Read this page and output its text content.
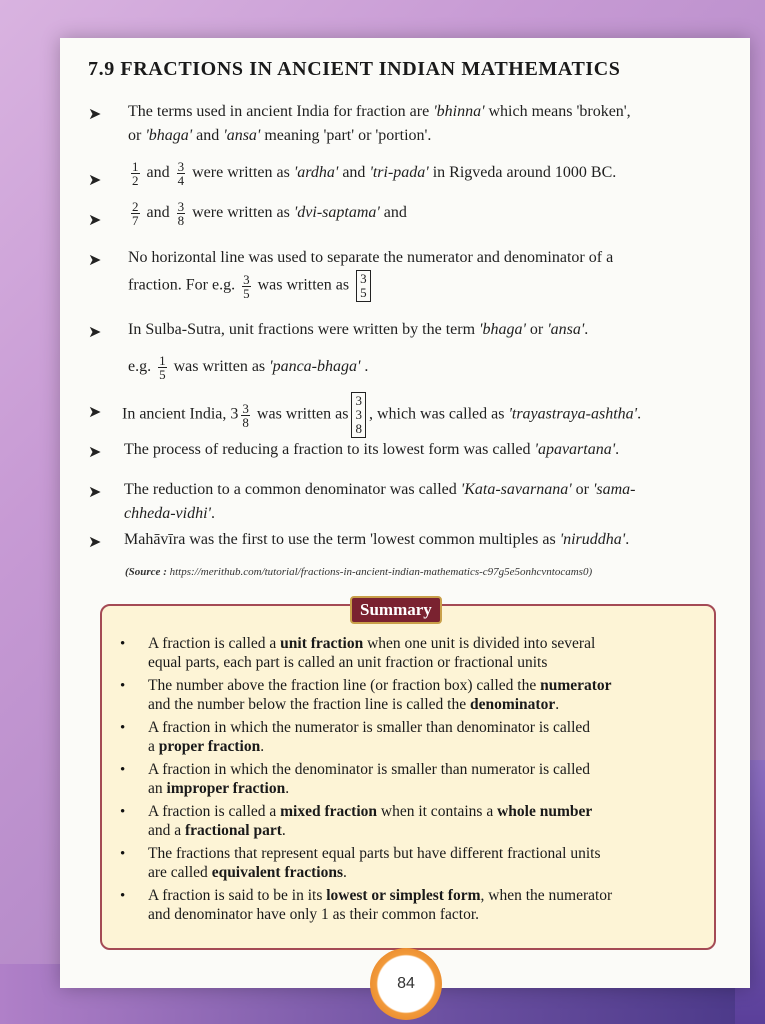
7.9 FRACTIONS IN ANCIENT INDIAN MATHEMATICS
➤ The terms used in ancient India for fraction are 'bhinna' which means 'broken',
or 'bhaga' and 'ansa' meaning 'part' or 'portion'.
➤ $\frac{1}{2}$ and $\frac{3}{4}$ were written as 'ardha' and 'tri-pada' in Rigveda around 1000 BC.
➤ $\frac{2}{7}$ and $\frac{3}{8}$ were written as 'dvi-saptama' and
➤ No horizontal line was used to separate the numerator and denominator of a
fraction. For e.g. $\frac{3}{5}$ was written as 3
5
➤ In Sulba-Sutra, unit fractions were written by the term 'bhaga' or 'ansa'.
e.g. $\frac{1}{5}$ was written as 'panca-bhaga' .
➤ In ancient India, $3 \frac{3}{8}$ was written as
3
3
8
, which was called as 'trayastraya-ashtha'.
➤ The process of reducing a fraction to its lowest form was called 'apavartana'.
➤ The reduction to a common denominator was called 'Kata-savarnana' or 'sama-
chheda-vidhi'.
➤ Mahāvīra was the first to use the term 'lowest common multiples as 'niruddha'.
(Source : https://merithub.com/tutorial/fractions-in-ancient-indian-mathematics-c97g5e5onhcvntocams0)
Summary
• A fraction is called a unit fraction when one unit is divided into several
equal parts, each part is called an unit fraction or fractional units
• The number above the fraction line (or fraction box) called the numerator
and the number below the fraction line is called the denominator.
• A fraction in which the numerator is smaller than denominator is called
a proper fraction.
• A fraction in which the denominator is smaller than numerator is called
an improper fraction.
• A fraction is called a mixed fraction when it contains a whole number
and a fractional part.
• The fractions that represent equal parts but have different fractional units
are called equivalent fractions.
• A fraction is said to be in its lowest or simplest form, when the numerator
and denominator have only 1 as their common factor.
84
